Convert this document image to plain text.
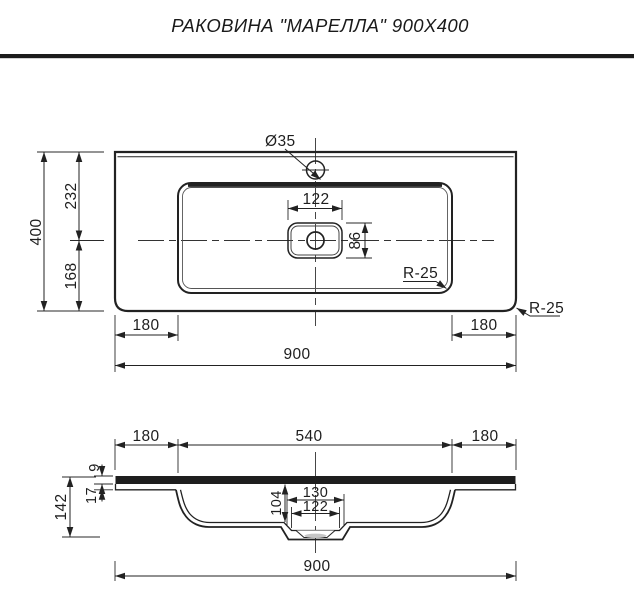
РАКОВИНА "МАРЕЛЛА" 900X400
Ø35
400
232
168
122
86
R-25
R-25
180	180
900
180	540	180
9
17
142	104 130
122
900
